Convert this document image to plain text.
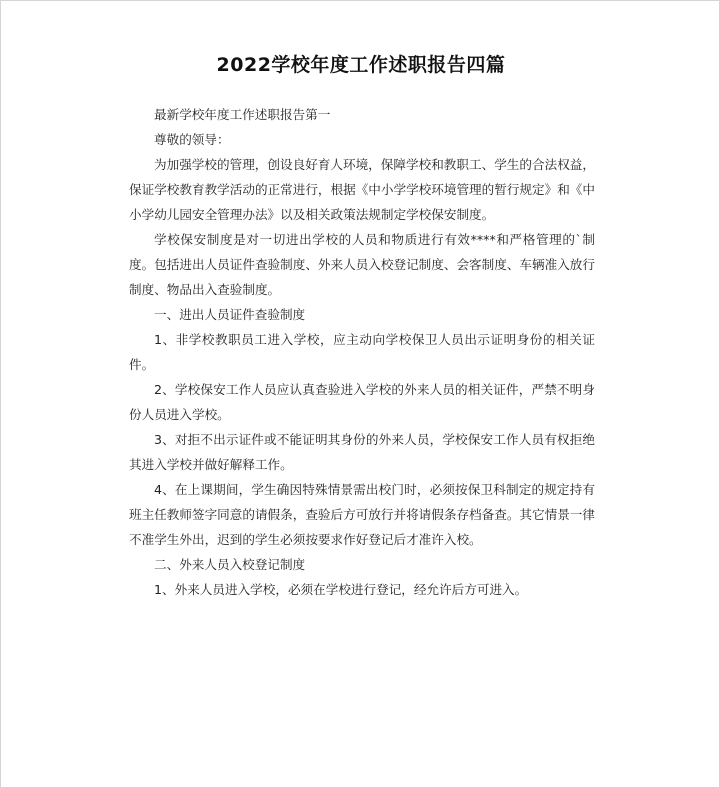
2022学校年度工作述职报告四篇

最新学校年度工作述职报告第一

尊敬的领导：

为加强学校的管理，创设良好育人环境，保障学校和教职工、学生的合法权益，保证学校教育教学活动的正常进行，根据《中小学学校环境管理的暂行规定》和《中小学幼儿园安全管理办法》以及相关政策法规制定学校保安制度。

学校保安制度是对一切进出学校的人员和物质进行有效****和严格管理的`制度。包括进出人员证件查验制度、外来人员入校登记制度、会客制度、车辆准入放行制度、物品出入查验制度。

一、进出人员证件查验制度

1、非学校教职员工进入学校，应主动向学校保卫人员出示证明身份的相关证件。

2、学校保安工作人员应认真查验进入学校的外来人员的相关证件，严禁不明身份人员进入学校。

3、对拒不出示证件或不能证明其身份的外来人员，学校保安工作人员有权拒绝其进入学校并做好解释工作。

4、在上课期间，学生确因特殊情景需出校门时，必须按保卫科制定的规定持有班主任教师签字同意的请假条，查验后方可放行并将请假条存档备查。其它情景一律不准学生外出，迟到的学生必须按要求作好登记后才准许入校。

二、外来人员入校登记制度

1、外来人员进入学校，必须在学校进行登记，经允许后方可进入。
